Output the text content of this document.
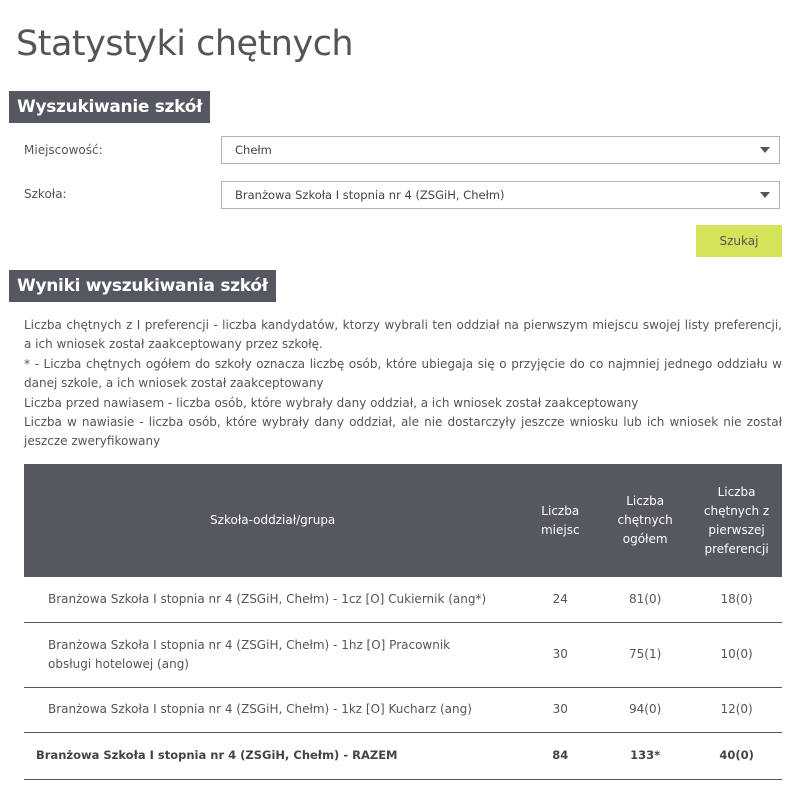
Statystyki chętnych
Wyszukiwanie szkół
Miejscowość:	Chełm
Szkoła:	Branżowa Szkoła I stopnia nr 4 (ZSGiH, Chełm)
Szukaj
Wyniki wyszukiwania szkół

Liczba chętnych z I preferencji - liczba kandydatów, ktorzy wybrali ten oddział na pierwszym miejscu swojej listy preferencji, a ich wniosek został zaakceptowany przez szkołę.

* - Liczba chętnych ogółem do szkoły oznacza liczbę osób, które ubiegaja się o przyjęcie do co najmniej jednego oddziału w danej szkole, a ich wniosek został zaakceptowany

Liczba przed nawiasem - liczba osób, które wybrały dany oddział, a ich wniosek został zaakceptowany

Liczba w nawiasie - liczba osób, które wybrały dany oddział, ale nie dostarczyły jeszcze wniosku lub ich wniosek nie został jeszcze zweryfikowany

Szkoła-oddział/grupa	Liczba miejsc	Liczba chętnych ogółem	Liczba chętnych z pierwszej preferencji
Branżowa Szkoła I stopnia nr 4 (ZSGiH, Chełm) - 1cz [O] Cukiernik (ang*)	24	81(0)	18(0)
Branżowa Szkoła I stopnia nr 4 (ZSGiH, Chełm) - 1hz [O] Pracownik obsługi hotelowej (ang)	30	75(1)	10(0)
Branżowa Szkoła I stopnia nr 4 (ZSGiH, Chełm) - 1kz [O] Kucharz (ang)	30	94(0)	12(0)
Branżowa Szkoła I stopnia nr 4 (ZSGiH, Chełm) - RAZEM	84	133*	40(0)
